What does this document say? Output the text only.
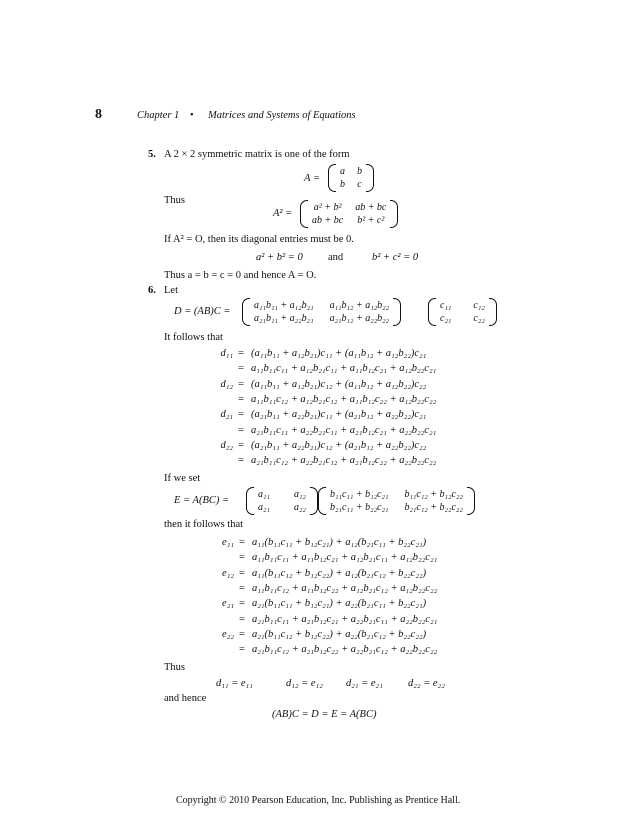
8	Chapter 1 • Matrices and Systems of Equations
5. A 2 × 2 symmetric matrix is one of the form
A =
a b
b c
Thus
A² =
a² + b² ab + bc
ab + bc b² + c²
If A² = O, then its diagonal entries must be 0.
a² + b² = 0 and	b² + c² = 0
Thus a = b = c = 0 and hence A = O.
6. Let
D = (AB)C =
a₁₁b₁₁ + a₁₂b₂₁ a₁₁b₁₂ + a₁₂b₂₂
a₂₁b₁₁ + a₂₂b₂₁ a₂₁b₁₂ + a₂₂b₂₂
c₁₁ c₁₂
c₂₁ c₂₂
It follows that
d₁₁ = (a₁₁b₁₁ + a₁₂b₂₁)c₁₁ + (a₁₁b₁₂ + a₁₂b₂₂)c₂₁
= a₁₁b₁₁c₁₁ + a₁₂b₂₁c₁₁ + a₁₁b₁₂c₂₁ + a₁₂b₂₂c₂₁
d₁₂ = (a₁₁b₁₁ + a₁₂b₂₁)c₁₂ + (a₁₁b₁₂ + a₁₂b₂₂)c₂₂
= a₁₁b₁₁c₁₂ + a₁₂b₂₁c₁₂ + a₁₁b₁₂c₂₂ + a₁₂b₂₂c₂₂
d₂₁ = (a₂₁b₁₁ + a₂₂b₂₁)c₁₁ + (a₂₁b₁₂ + a₂₂b₂₂)c₂₁
= a₂₁b₁₁c₁₁ + a₂₂b₂₁c₁₁ + a₂₁b₁₂c₂₁ + a₂₂b₂₂c₂₁
d₂₂ = (a₂₁b₁₁ + a₂₂b₂₁)c₁₂ + (a₂₁b₁₂ + a₂₂b₂₂)c₂₂
= a₂₁b₁₁c₁₂ + a₂₂b₂₁c₁₂ + a₂₁b₁₂c₂₂ + a₂₂b₂₂c₂₂
If we set
E = A(BC) =
a₁₁ a₁₂
a₂₁ a₂₂
b₁₁c₁₁ + b₁₂c₂₁ b₁₁c₁₂ + b₁₂c₂₂
b₂₁c₁₁ + b₂₂c₂₁ b₂₁c₁₂ + b₂₂c₂₂
then it follows that
e₁₁ = a₁₁(b₁₁c₁₁ + b₁₂c₂₁) + a₁₂(b₂₁c₁₁ + b₂₂c₂₁)
= a₁₁b₁₁c₁₁ + a₁₁b₁₂c₂₁ + a₁₂b₂₁c₁₁ + a₁₂b₂₂c₂₁
e₁₂ = a₁₁(b₁₁c₁₂ + b₁₂c₂₂) + a₁₂(b₂₁c₁₂ + b₂₂c₂₂)
= a₁₁b₁₁c₁₂ + a₁₁b₁₂c₂₂ + a₁₂b₂₁c₁₂ + a₁₂b₂₂c₂₂
e₂₁ = a₂₁(b₁₁c₁₁ + b₁₂c₂₁) + a₂₂(b₂₁c₁₁ + b₂₂c₂₁)
= a₂₁b₁₁c₁₁ + a₂₁b₁₂c₂₁ + a₂₂b₂₁c₁₁ + a₂₂b₂₂c₂₁
e₂₂ = a₂₁(b₁₁c₁₂ + b₁₂c₂₂) + a₂₂(b₂₁c₁₂ + b₂₂c₂₂)
= a₂₁b₁₁c₁₂ + a₂₁b₁₂c₂₂ + a₂₂b₂₁c₁₂ + a₂₂b₂₂c₂₂
Thus
d₁₁ = e₁₁	d₁₂ = e₁₂ d₂₁ = e₂₁ d₂₂ = e₂₂
and hence
(AB)C = D = E = A(BC)
Copyright © 2010 Pearson Education, Inc. Publishing as Prentice Hall.
